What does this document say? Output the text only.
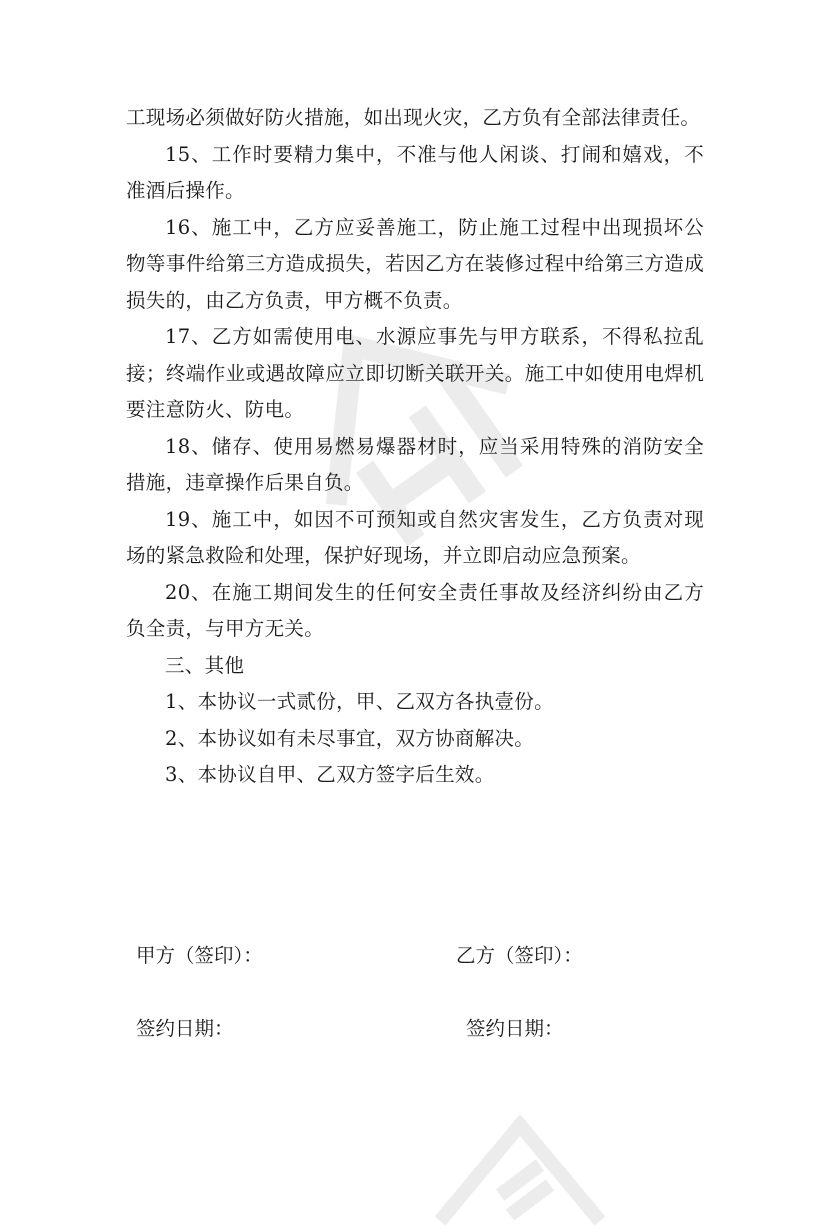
工现场必须做好防火措施，如出现火灾，乙方负有全部法律责任。

15、工作时要精力集中，不准与他人闲谈、打闹和嬉戏，不准酒后操作。

16、施工中，乙方应妥善施工，防止施工过程中出现损坏公物等事件给第三方造成损失，若因乙方在装修过程中给第三方造成损失的，由乙方负责，甲方概不负责。

17、乙方如需使用电、水源应事先与甲方联系，不得私拉乱接；终端作业或遇故障应立即切断关联开关。施工中如使用电焊机要注意防火、防电。

18、储存、使用易燃易爆器材时，应当采用特殊的消防安全措施，违章操作后果自负。

19、施工中，如因不可预知或自然灾害发生，乙方负责对现场的紧急救险和处理，保护好现场，并立即启动应急预案。

20、在施工期间发生的任何安全责任事故及经济纠纷由乙方负全责，与甲方无关。

三、其他

1、本协议一式贰份，甲、乙双方各执壹份。

2、本协议如有未尽事宜，双方协商解决。

3、本协议自甲、乙双方签字后生效。

甲方（签印）：	乙方（签印）：
签约日期：	签约日期：
